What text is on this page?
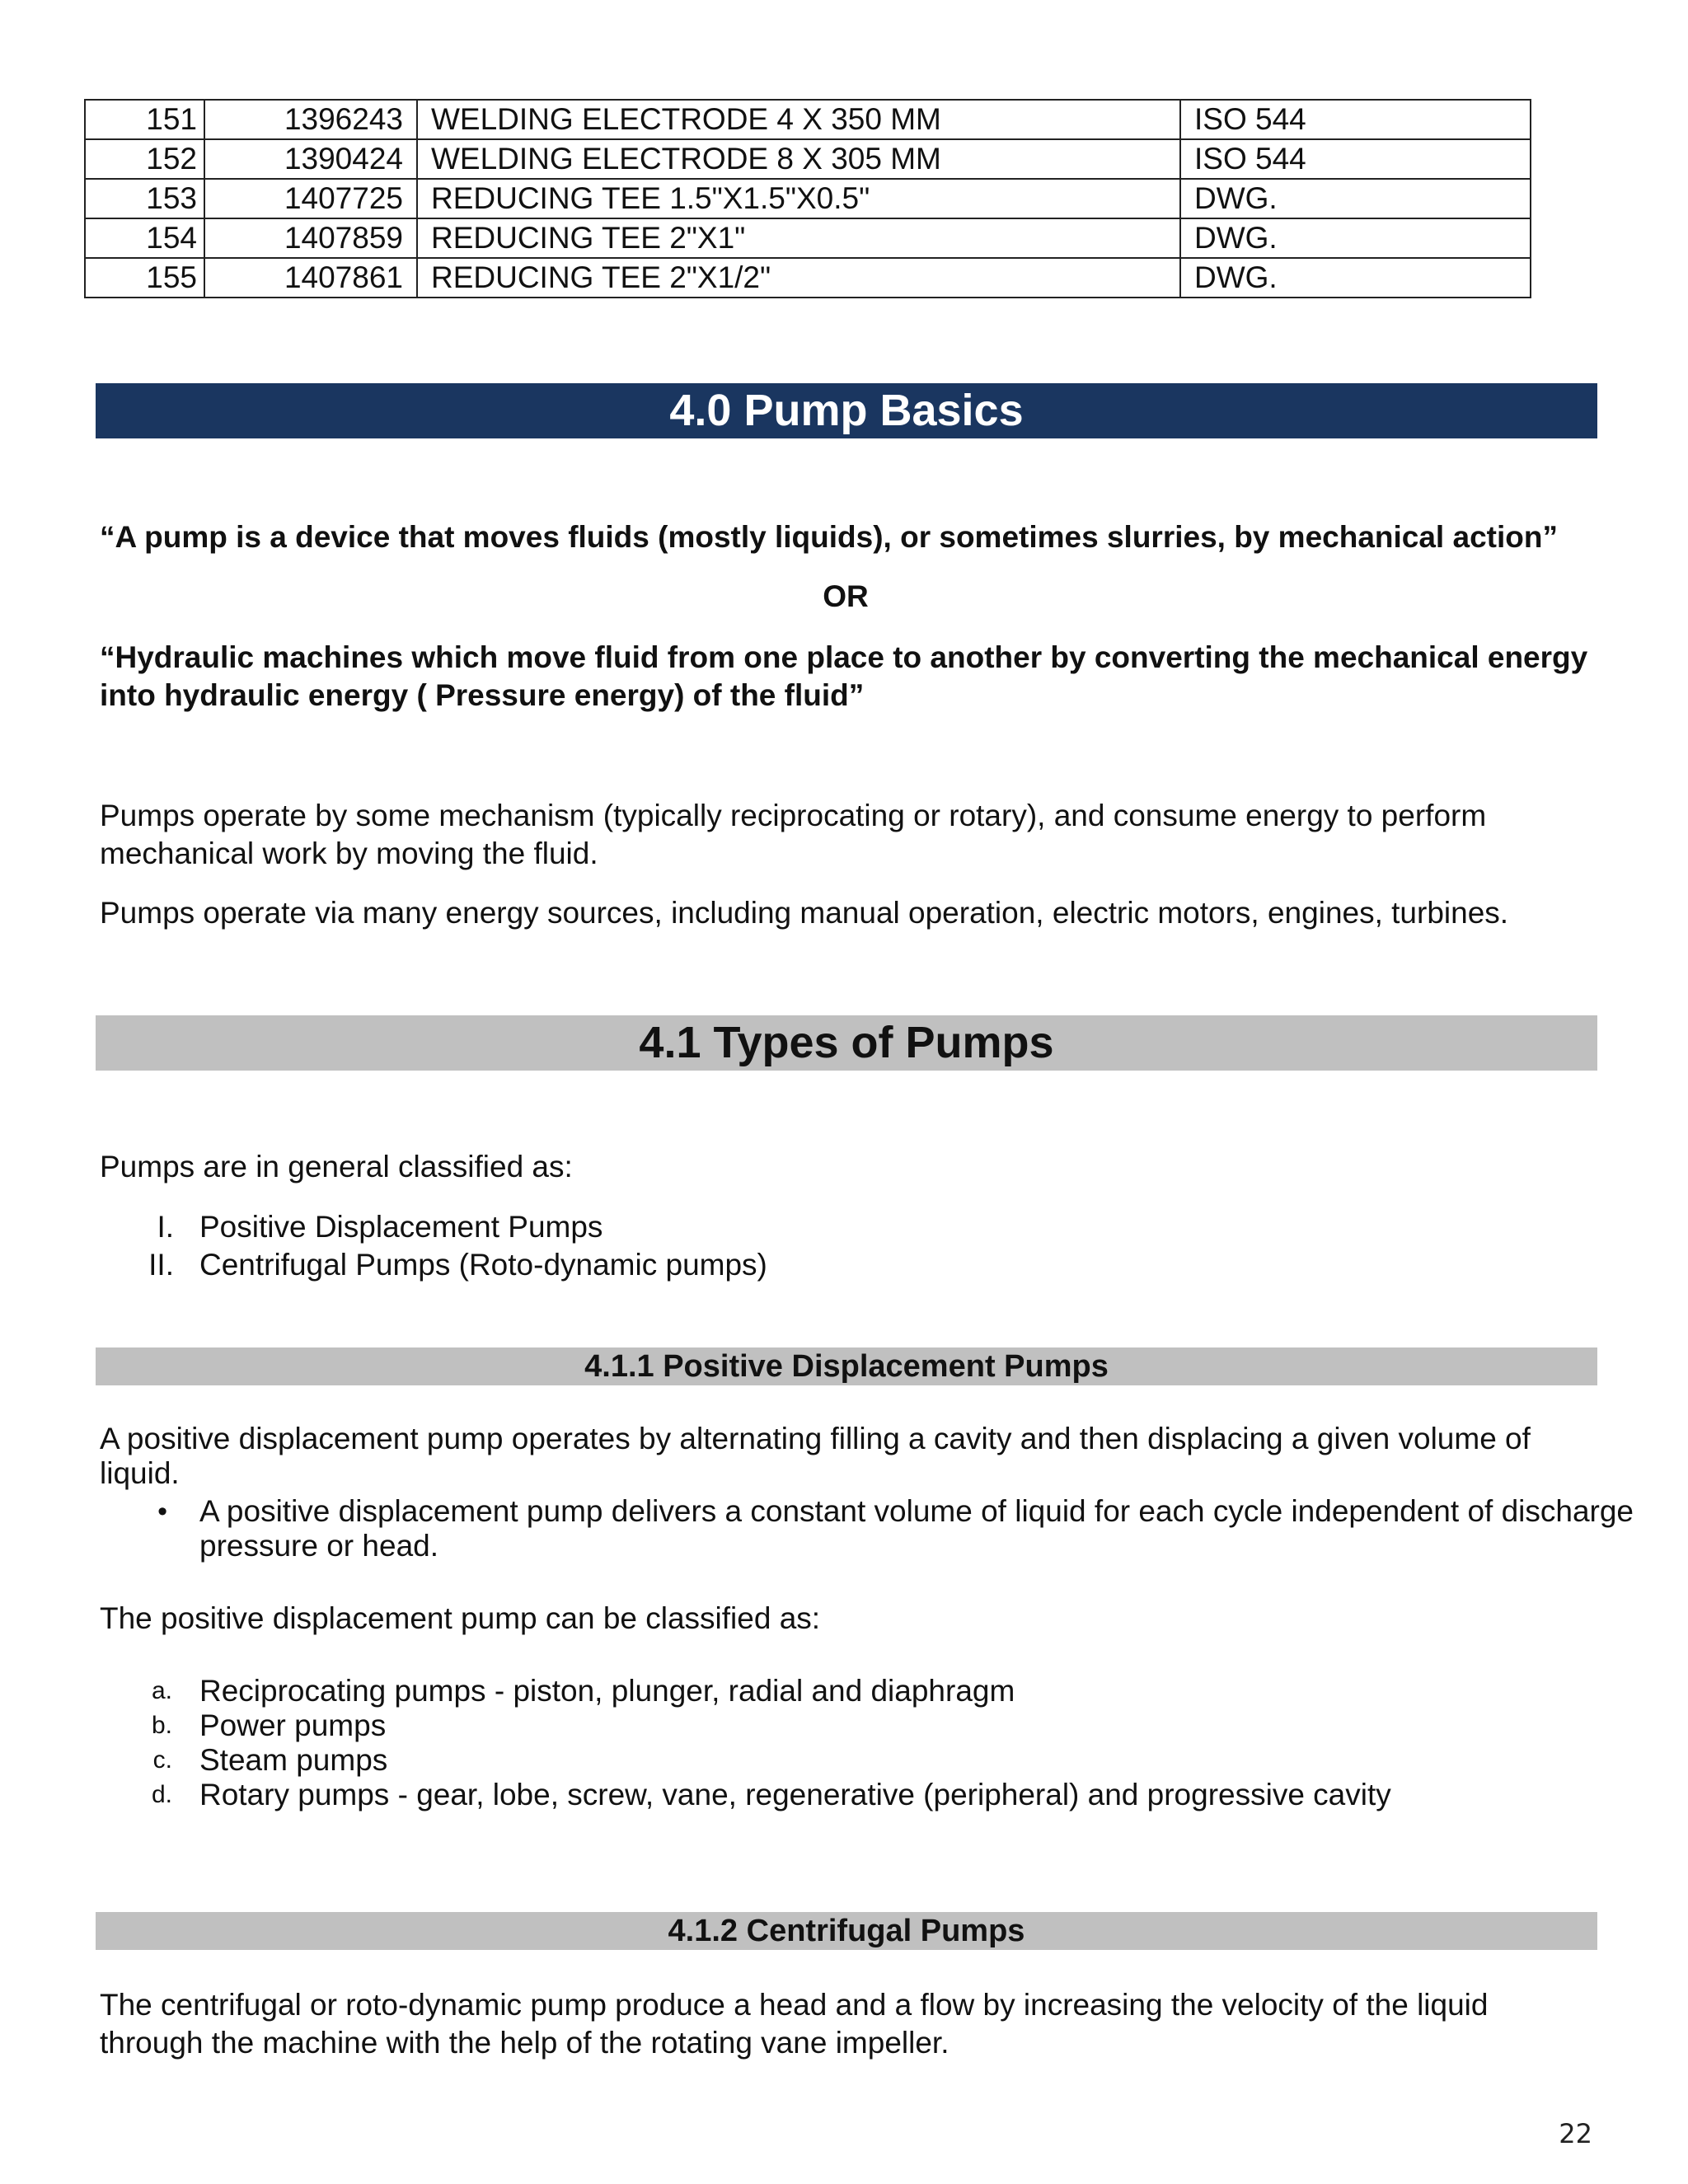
151	1396243	WELDING ELECTRODE 4 X 350 MM	ISO 544
152	1390424	WELDING ELECTRODE 8 X 305 MM	ISO 544
153	1407725	REDUCING TEE 1.5"X1.5"X0.5"	DWG.
154	1407859	REDUCING TEE 2"X1"	DWG.
155	1407861	REDUCING TEE 2"X1/2"	DWG.
4.0 Pump Basics

“A pump is a device that moves fluids (mostly liquids), or sometimes slurries, by mechanical action”

OR

“Hydraulic machines which move fluid from one place to another by converting the mechanical energy into hydraulic energy ( Pressure energy) of the fluid”

Pumps operate by some mechanism (typically reciprocating or rotary), and consume energy to perform mechanical work by moving the fluid.

Pumps operate via many energy sources, including manual operation, electric motors, engines, turbines.

4.1 Types of Pumps

Pumps are in general classified as:

I. Positive Displacement Pumps
II. Centrifugal Pumps (Roto-dynamic pumps)
4.1.1 Positive Displacement Pumps

A positive displacement pump operates by alternating filling a cavity and then displacing a given volume of liquid.

• A positive displacement pump delivers a constant volume of liquid for each cycle independent of discharge pressure or head.

The positive displacement pump can be classified as:

a. Reciprocating pumps - piston, plunger, radial and diaphragm
b. Power pumps
c. Steam pumps
d. Rotary pumps - gear, lobe, screw, vane, regenerative (peripheral) and progressive cavity
4.1.2 Centrifugal Pumps

The centrifugal or roto-dynamic pump produce a head and a flow by increasing the velocity of the liquid through the machine with the help of the rotating vane impeller.

22
